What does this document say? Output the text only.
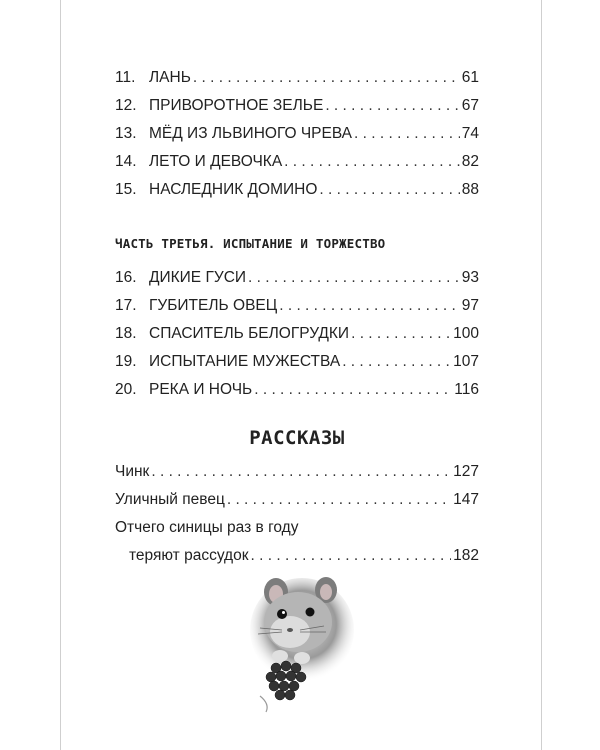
11. ЛАНЬ . . .	61
12. ПРИВОРОТНОЕ ЗЕЛЬЕ . . .	67
13. МЁД ИЗ ЛЬВИНОГО ЧРЕВА . . .	74
14. ЛЕТО И ДЕВОЧКА . . .	82
15. НАСЛЕДНИК ДОМИНО . . .	88
16. ДИКИЕ ГУСИ . . .	93
17. ГУБИТЕЛЬ ОВЕЦ . . .	97
18. СПАСИТЕЛЬ БЕЛОГРУДКИ . . .	100
19. ИСПЫТАНИЕ МУЖЕСТВА . . .	107
20. РЕКА И НОЧЬ . . .	116
Чинк . . .	127
Уличный певец . . .	147
Отчего синицы раз в году
теряют рассудок . . .	182
ЧАСТЬ ТРЕТЬЯ. ИСПЫТАНИЕ И ТОРЖЕСТВО
РАССКАЗЫ
